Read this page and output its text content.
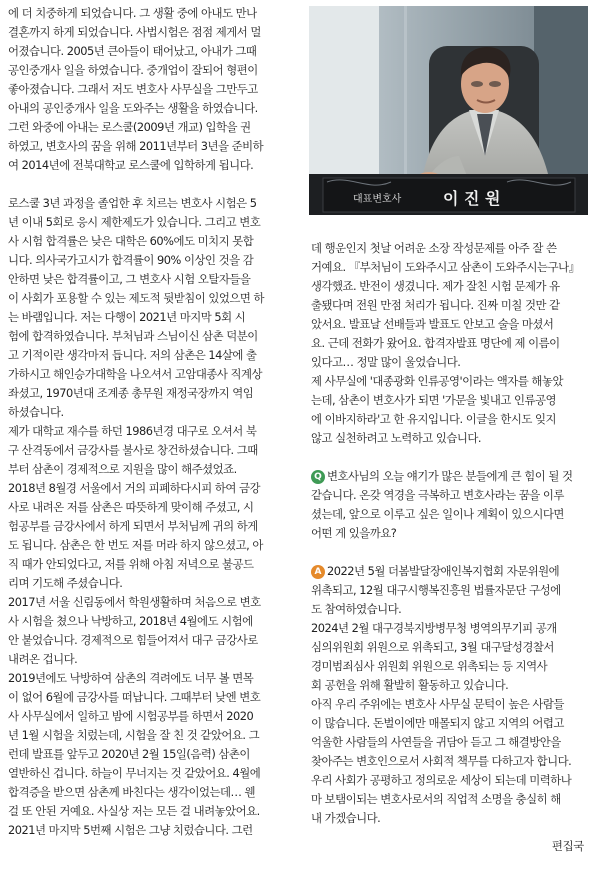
대표변호사	이 진 원

에 더 치중하게 되었습니다. 그 생활 중에 아내도 만나
결혼까지 하게 되었습니다. 사법시험은 점점 제게서 멀
어졌습니다. 2005년 큰아들이 태어났고, 아내가 그때
공인중개사 일을 하였습니다. 중개업이 잘되어 형편이
좋아졌습니다. 그래서 저도 변호사 사무실을 그만두고
아내의 공인중개사 일을 도와주는 생활을 하였습니다.
그런 와중에 아내는 로스쿨(2009년 개교) 입학을 권
하였고, 변호사의 꿈을 위해 2011년부터 3년을 준비하
여 2014년에 전북대학교 로스쿨에 입학하게 됩니다.

로스쿨 3년 과정을 졸업한 후 치르는 변호사 시험은 5
년 이내 5회로 응시 제한제도가 있습니다. 그리고 변호
사 시험 합격률은 낮은 대학은 60%에도 미치지 못합
니다. 의사국가고시가 합격률이 90% 이상인 것을 감
안하면 낮은 합격률이고, 그 변호사 시험 오탈자들을
이 사회가 포용할 수 있는 제도적 뒷받침이 있었으면 하
는 바램입니다. 저는 다행이 2021년 마지막 5회 시
험에 합격하였습니다. 부처님과 스님이신 삼촌 덕분이
고 기적이란 생각마저 듭니다. 저의 삼촌은 14살에 출
가하시고 해인승가대학을 나오셔서 고암대종사 직계상
좌셨고, 1970년대 조계종 총무원 재정국장까지 역임
하셨습니다.

제가 대학교 재수를 하던 1986년경 대구로 오셔서 북
구 산격동에서 금강사를 불사로 창건하셨습니다. 그때
부터 삼촌이 경제적으로 지원을 많이 해주셨었죠.

2018년 8월경 서울에서 거의 피폐하다시피 하여 금강
사로 내려온 저를 삼촌은 따뜻하게 맞이해 주셨고, 시
험공부를 금강사에서 하게 되면서 부처님께 귀의 하게
도 됩니다. 삼촌은 한 번도 저를 머라 하지 않으셨고, 아
직 때가 안되었다고, 저를 위해 아침 저녁으로 불공드
리며 기도해 주셨습니다.

2017년 서울 신림동에서 학원생활하며 처음으로 변호
사 시험을 쳤으나 낙방하고, 2018년 4월에도 시험에
안 붙었습니다. 경제적으로 힘들어져서 대구 금강사로
내려온 겁니다.

2019년에도 낙방하여 삼촌의 격려에도 너무 볼 면목
이 없어 6월에 금강사를 떠납니다. 그때부터 낮엔 변호
사 사무실에서 일하고 밤에 시험공부를 하면서 2020
년 1월 시험을 치렀는데, 시험을 잘 친 것 같았어요. 그
런데 발표를 앞두고 2020년 2월 15일(음력) 삼촌이
열반하신 겁니다. 하늘이 무너지는 것 같았어요. 4월에
합격증을 받으면 삼촌께 바친다는 생각이었는데… 웬
걸 또 안된 거예요. 사실상 저는 모든 걸 내려놓았어요.
2021년 마지막 5번째 시험은 그냥 치렀습니다. 그런

데 행운인지 첫날 어려운 소장 작성문제를 아주 잘 쓴
거예요. 『부처님이 도와주시고 삼촌이 도와주시는구나』
생각했죠. 반전이 생겼니다. 제가 잘친 시험 문제가 유
출됐다며 전원 만점 처리가 됩니다. 진짜 미칠 것만 같
았서요. 발표날 선배들과 발표도 안보고 술을 마셨서
요. 근데 전화가 왔어요. 합격자발표 명단에 제 이름이
있다고… 정말 많이 울었습니다.

제 사무실에 '대종광화 인류공영'이라는 액자를 해놓았
는데, 삼촌이 변호사가 되면 '가문을 빛내고 인류공영
에 이바지하라'고 한 유지입니다. 이글을 한시도 잊지
않고 실천하려고 노력하고 있습니다.

Q 변호사님의 오늘 얘기가 많은 분들에게 큰 힘이 될 것
같습니다. 온갖 역경을 극복하고 변호사라는 꿈을 이루
셨는데, 앞으로 이루고 싶은 일이나 계획이 있으시다면
어떤 게 있을까요?

A 2022년 5월 더봄발달장애인복지협회 자문위원에
위촉되고, 12월 대구시행복진흥원 법률자문단 구성에
도 참여하였습니다.

2024년 2월 대구경북지방병무청 병역의무기피 공개
심의위원회 위원으로 위촉되고, 3월 대구달성경찰서
경미범죄심사 위원회 위원으로 위촉되는 등 지역사
회 공헌을 위해 활발히 활동하고 있습니다.

아직 우리 주위에는 변호사 사무실 문턱이 높은 사람들
이 많습니다. 돈벌이에만 매몰되지 않고 지역의 어렵고
억울한 사람들의 사연들을 귀담아 듣고 그 해결방안을
찾아주는 변호인으로서 사회적 책무를 다하고자 합니다.
우리 사회가 공평하고 정의로운 세상이 되는데 미력하나
마 보탬이되는 변호사로서의 직업적 소명을 충실히 해
내 가겠습니다.

편집국
